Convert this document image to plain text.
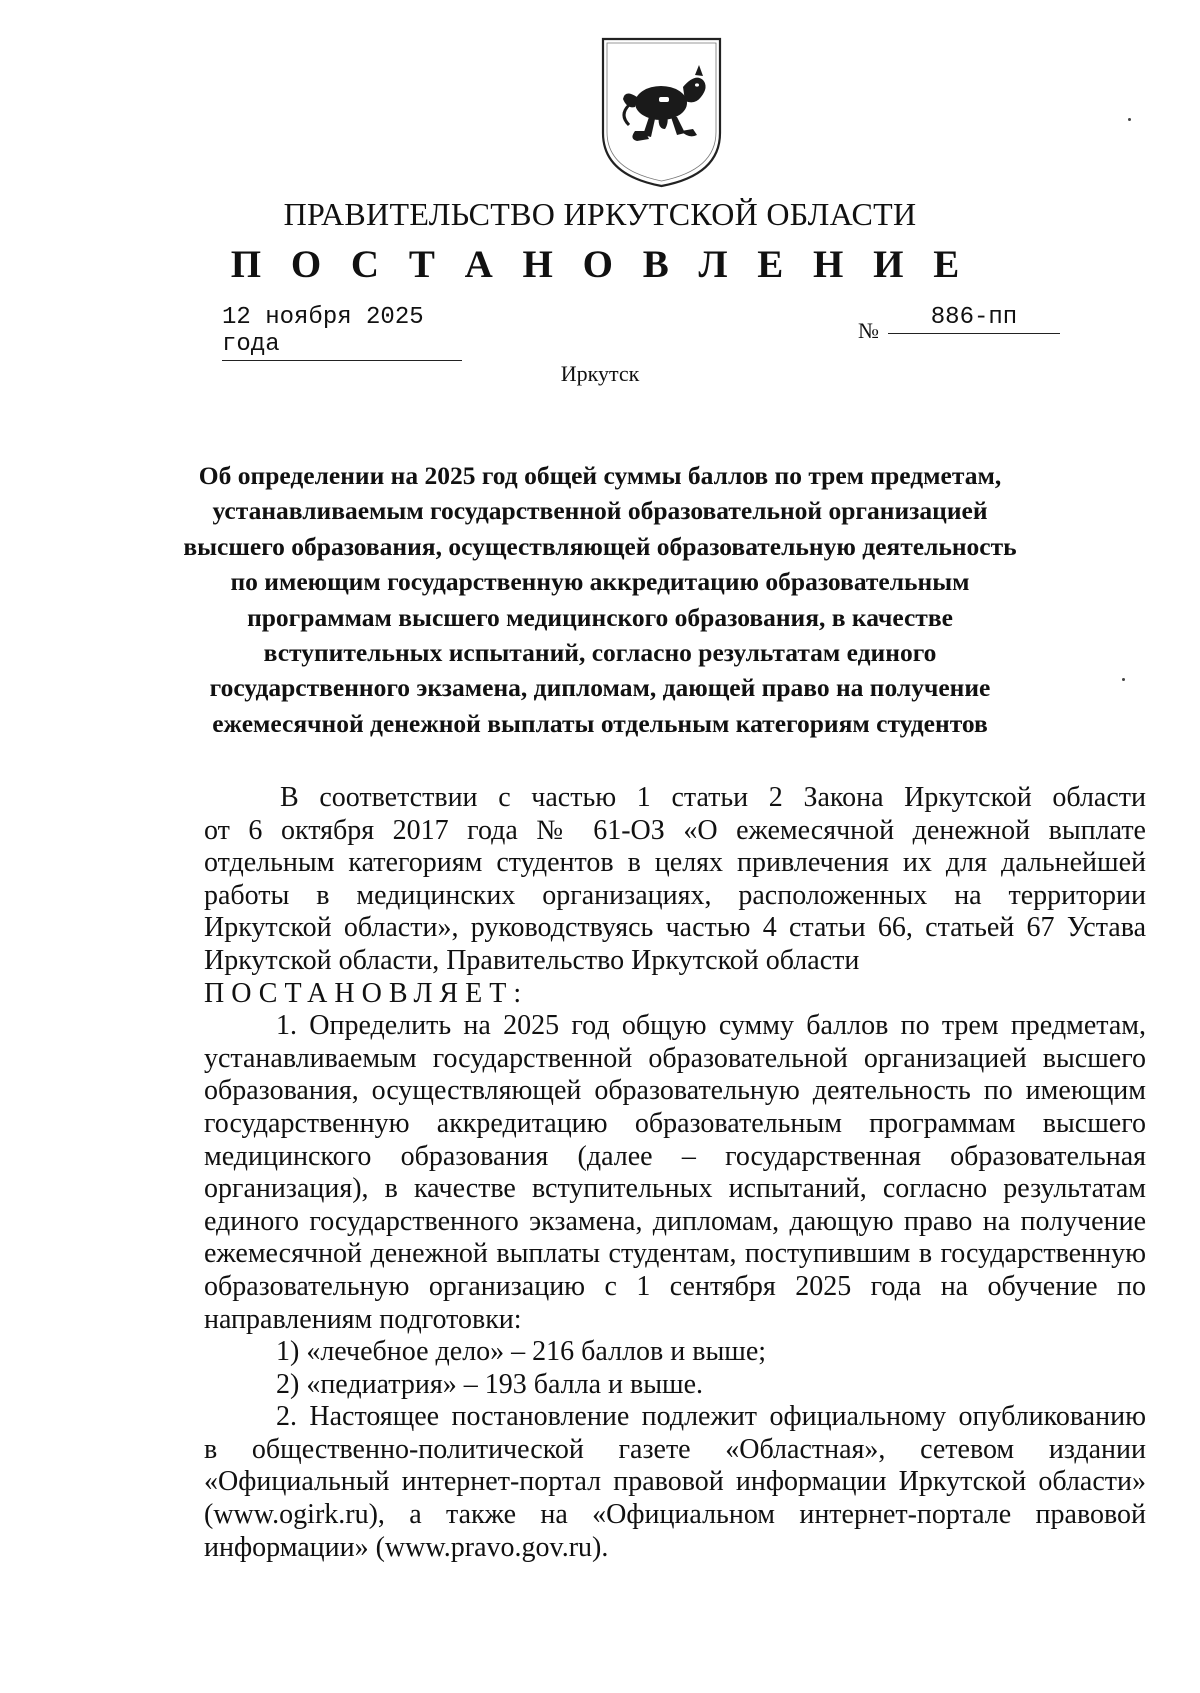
ПРАВИТЕЛЬСТВО ИРКУТСКОЙ ОБЛАСТИ
П О С Т А Н О В Л Е Н И Е
12 ноября 2025 года
№	886-пп
Иркутск
Об определении на 2025 год общей суммы баллов по трем предметам,
устанавливаемым государственной образовательной организацией
высшего образования, осуществляющей образовательную деятельность
по имеющим государственную аккредитацию образовательным
программам высшего медицинского образования, в качестве
вступительных испытаний, согласно результатам единого
государственного экзамена, дипломам, дающей право на получение
ежемесячной денежной выплаты отдельным категориям студентов

В соответствии с частью 1 статьи 2 Закона Иркутской области
от 6 октября 2017 года № 61-ОЗ «О ежемесячной денежной выплате
отдельным категориям студентов в целях привлечения их для дальнейшей
работы в медицинских организациях, расположенных на территории
Иркутской области», руководствуясь частью 4 статьи 66, статьей 67 Устава
Иркутской области, Правительство Иркутской области

ПОСТАНОВЛЯЕТ:

1. Определить на 2025 год общую сумму баллов по трем предметам,
устанавливаемым государственной образовательной организацией высшего
образования, осуществляющей образовательную деятельность по имеющим
государственную аккредитацию образовательным программам высшего
медицинского образования (далее – государственная образовательная
организация), в качестве вступительных испытаний, согласно результатам
единого государственного экзамена, дипломам, дающую право на получение
ежемесячной денежной выплаты студентам, поступившим в государственную
образовательную организацию с 1 сентября 2025 года на обучение по
направлениям подготовки:

1) «лечебное дело» – 216 баллов и выше;
2) «педиатрия» – 193 балла и выше.

2. Настоящее постановление подлежит официальному опубликованию
в общественно-политической газете «Областная», сетевом издании
«Официальный интернет-портал правовой информации Иркутской области»
(www.ogirk.ru), а также на «Официальном интернет-портале правовой
информации» (www.pravo.gov.ru).
